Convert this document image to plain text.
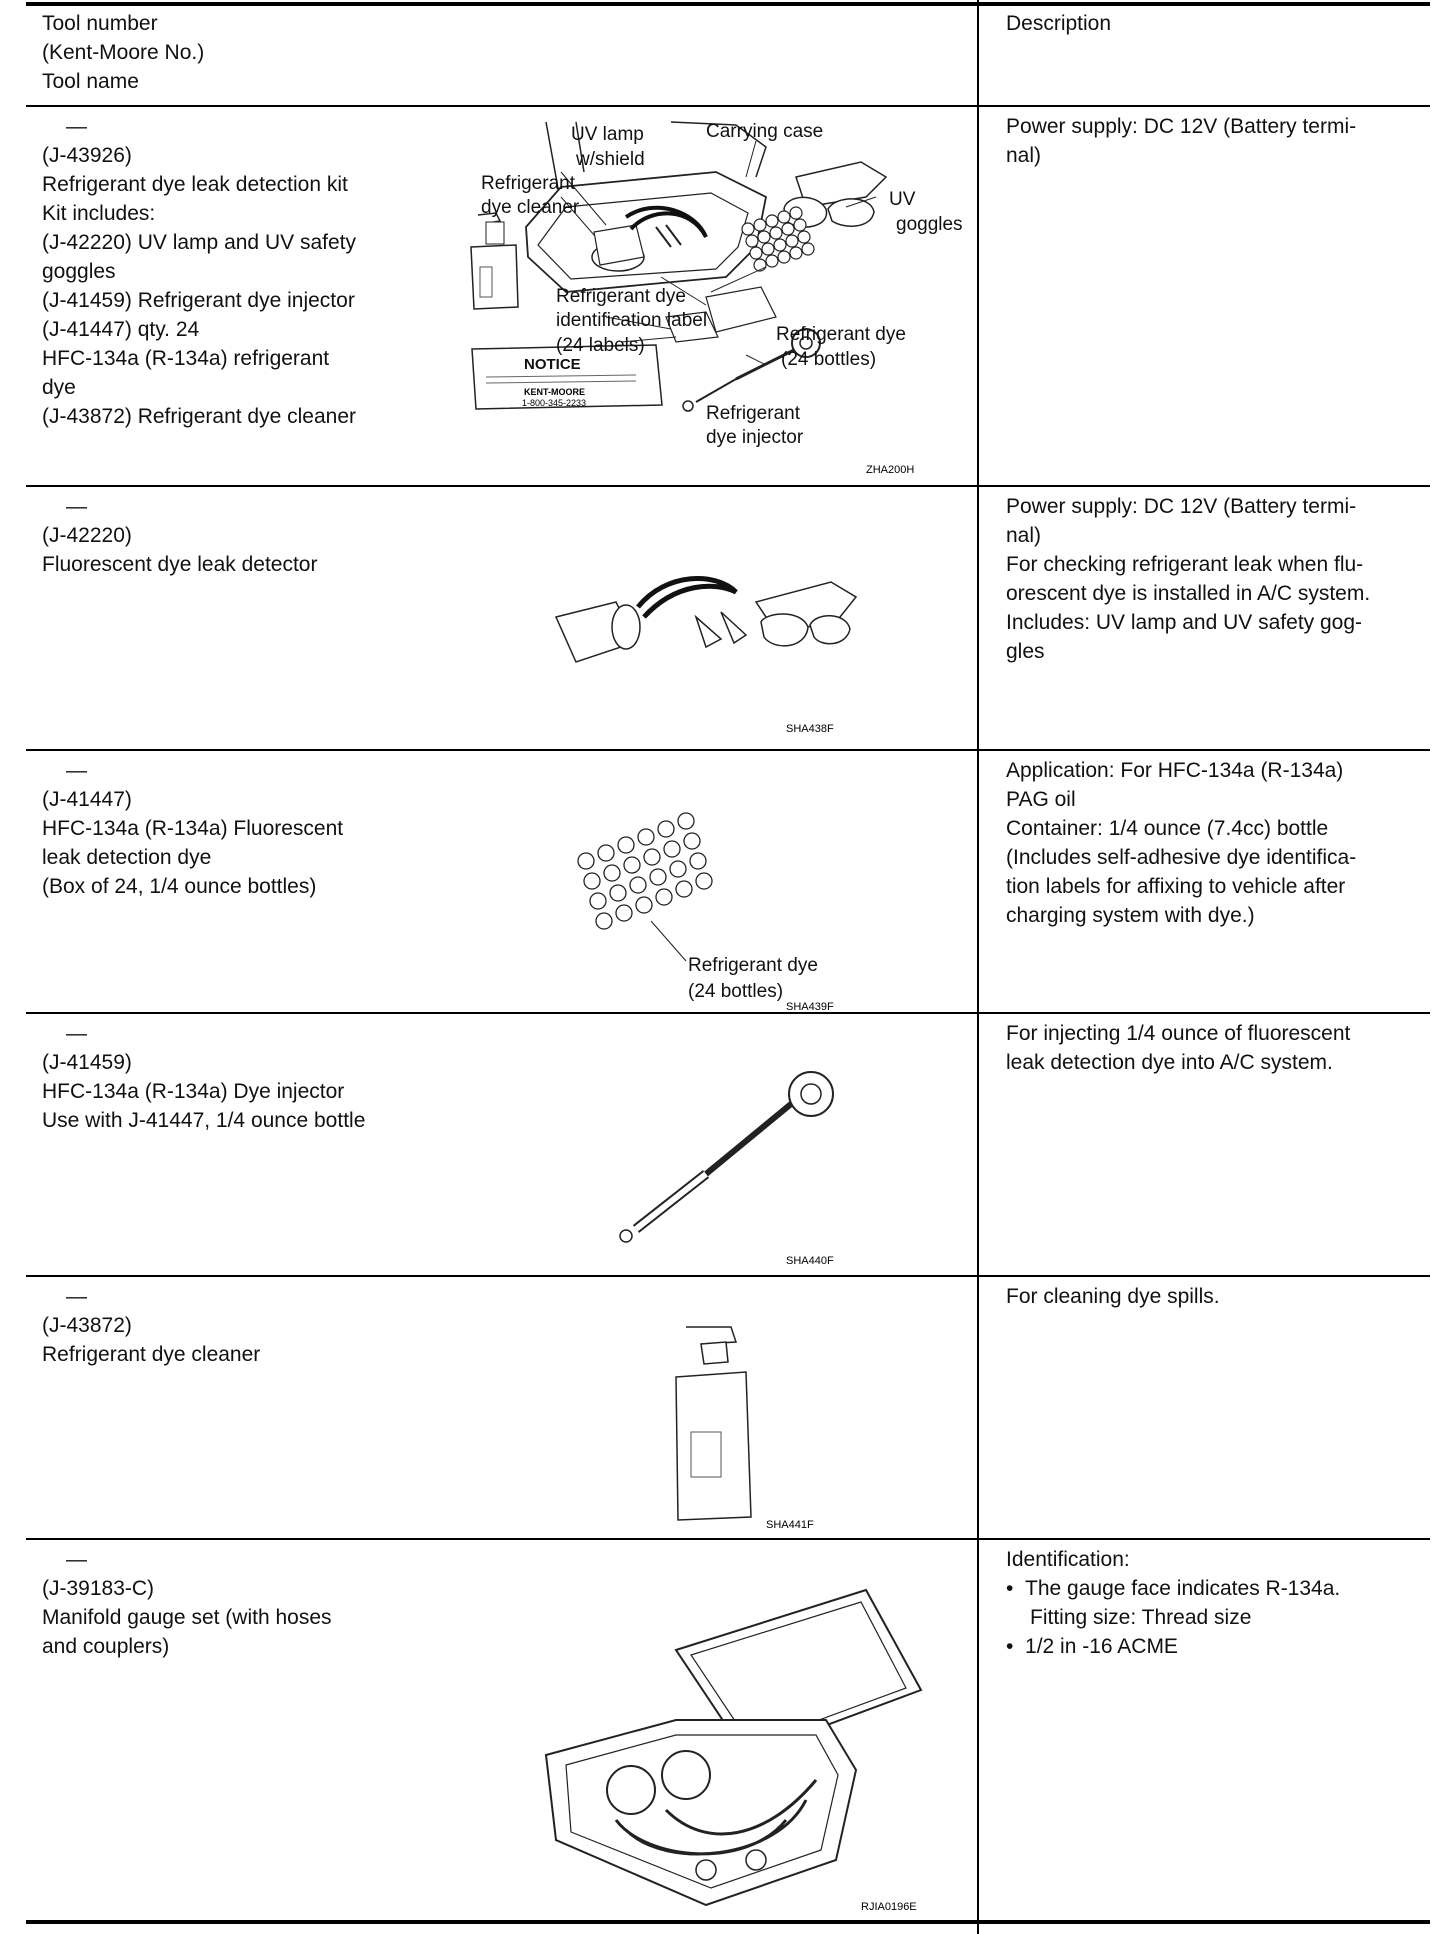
Tool number
(Kent-Moore No.)
Tool name
Description
—
(J-43926)
Refrigerant dye leak detection kit
Kit includes:
(J-42220) UV lamp and UV safety
goggles
(J-41459) Refrigerant dye injector
(J-41447) qty. 24
HFC-134a (R-134a) refrigerant
dye
(J-43872) Refrigerant dye cleaner
NOTICE
KENT-MOORE
1-800-345-2233
UV lamp
w/shield
Carrying case
Refrigerant
dye cleaner	UV
goggles
Refrigerant dye
identification label
(24 labels)
Refrigerant dye
(24 bottles)
Refrigerant
dye injector
ZHA200H
Power supply: DC 12V (Battery termi-
nal)
—
(J-42220)
Fluorescent dye leak detector
SHA438F
Power supply: DC 12V (Battery termi-
nal)
For checking refrigerant leak when flu-
orescent dye is installed in A/C system.
Includes: UV lamp and UV safety gog-
gles
—
(J-41447)
HFC-134a (R-134a) Fluorescent
leak detection dye
(Box of 24, 1/4 ounce bottles)
Refrigerant dye
(24 bottles)
SHA439F
Application: For HFC-134a (R-134a)
PAG oil
Container: 1/4 ounce (7.4cc) bottle
(Includes self-adhesive dye identifica-
tion labels for affixing to vehicle after
charging system with dye.)
—
(J-41459)
HFC-134a (R-134a) Dye injector
Use with J-41447, 1/4 ounce bottle
SHA440F
For injecting 1/4 ounce of fluorescent
leak detection dye into A/C system.
—
(J-43872)
Refrigerant dye cleaner
SHA441F
For cleaning dye spills.
—
(J-39183-C)
Manifold gauge set (with hoses
and couplers)
RJIA0196E
Identification:
•  The gauge face indicates R-134a.
Fitting size: Thread size
•  1/2 in -16 ACME
